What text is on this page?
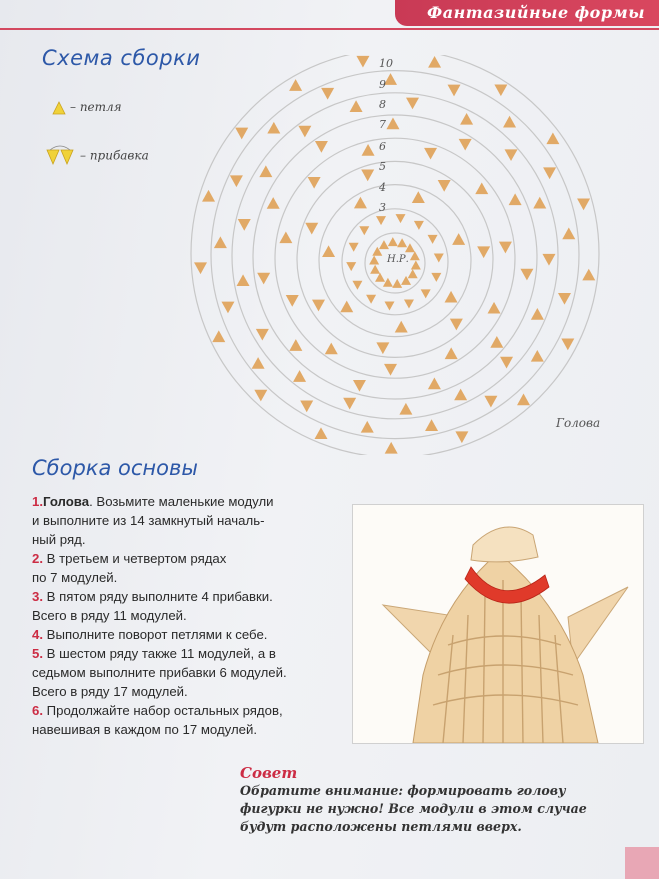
Фантазийные формы
Схема сборки
– петля
– прибавка
Н.Р.
3
4
5
6
7
8
9
10
Голова
Сборка основы
1.Голова. Возьмите маленькие модули
и выполните из 14 замкнутый началь-
ный ряд.
2. В третьем и четвертом рядах
по 7 модулей.
3. В пятом ряду выполните 4 прибавки.
Всего в ряду 11 модулей.
4. Выполните поворот петлями к себе.
5. В шестом ряду также 11 модулей, а в
седьмом выполните прибавки 6 модулей.
Всего в ряду 17 модулей.
6. Продолжайте набор остальных рядов,
навешивая в каждом по 17 модулей.
Совет
Обратите внимание: формировать голову
фигурки не нужно! Все модули в этом случае
будут расположены петлями вверх.
